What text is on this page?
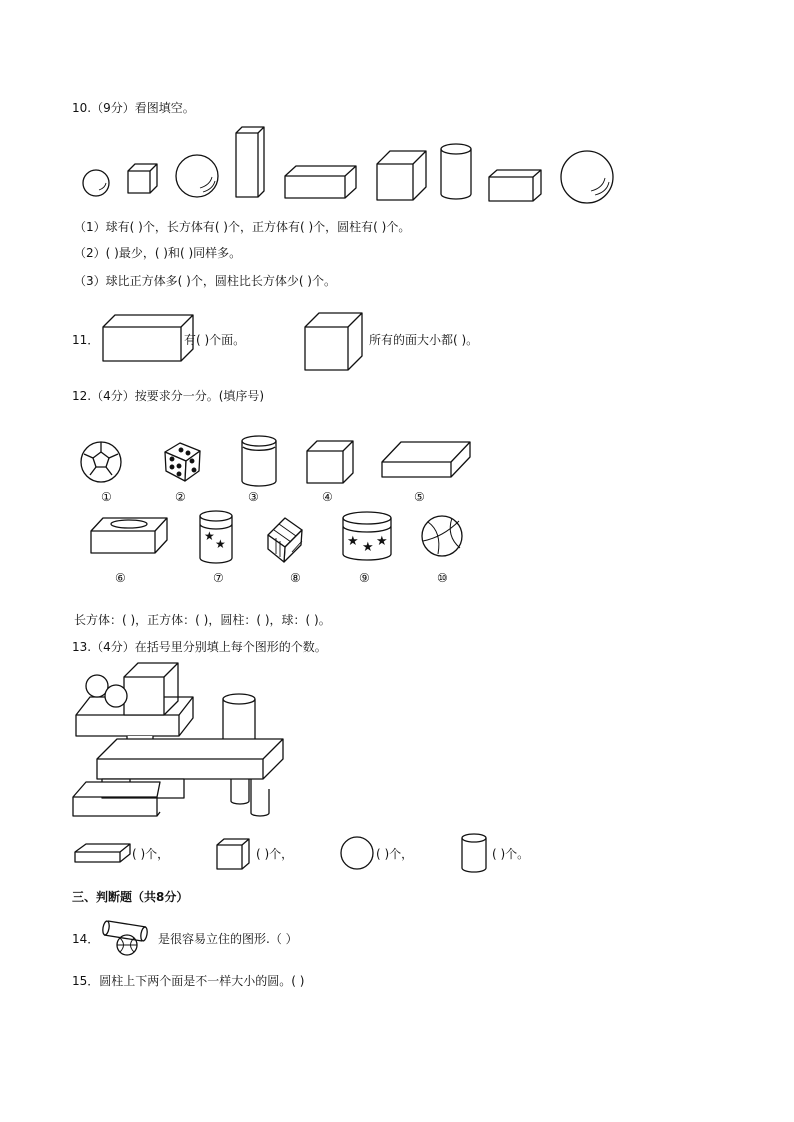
10.（9分）看图填空。
★
★	★ ★ ★
（1）球有( )个，长方体有( )个，正方体有( )个，圆柱有( )个。
（2）( )最少，( )和( )同样多。
（3）球比正方体多( )个，圆柱比长方体少( )个。
11．	有( )个面。	所有的面大小都( )。
12.（4分）按要求分一分。(填序号)
①	②	③	④	⑤
⑥	⑦	⑧	⑨	⑩
长方体：( )，正方体：( )，圆柱：( )，球：( )。
13.（4分）在括号里分别填上每个图形的个数。
( )个，	( )个，	( )个，	( )个。
三、判断题（共8分）
14．	是很容易立住的图形.（ ）
15．圆柱上下两个面是不一样大小的圆。( )
